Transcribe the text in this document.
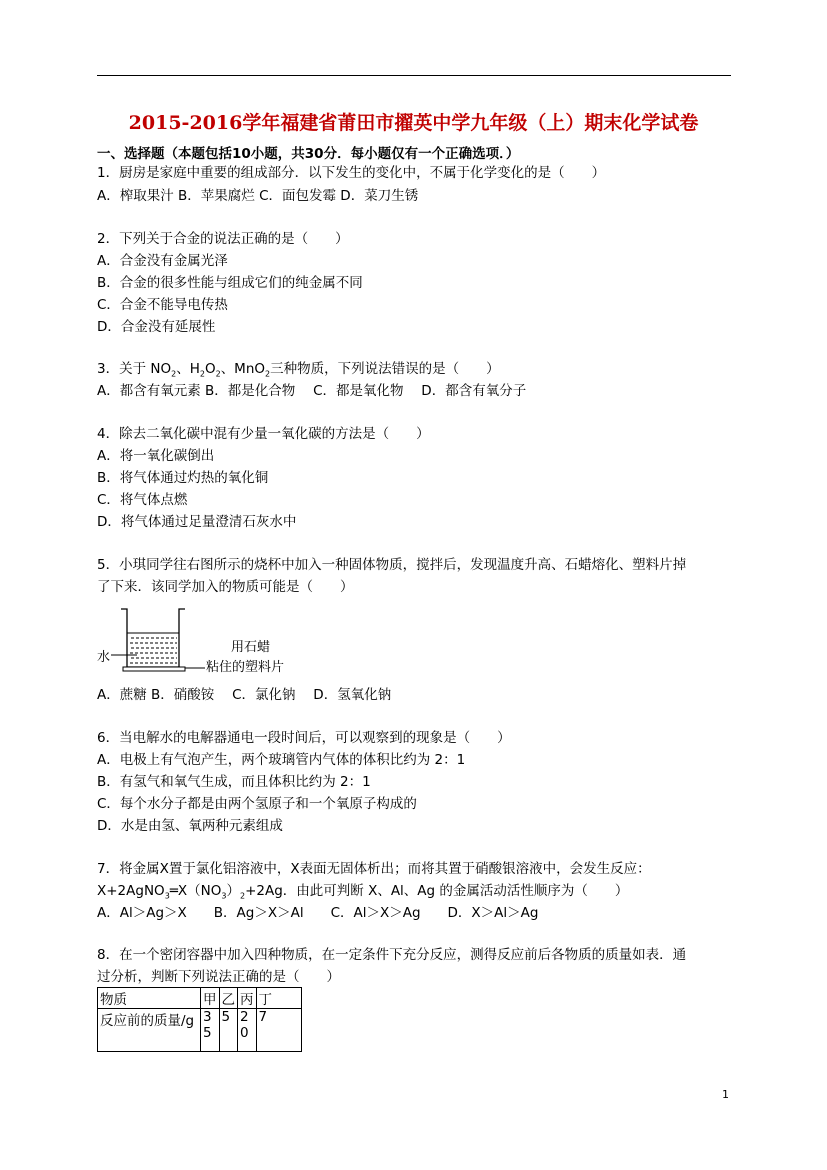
2015-2016学年福建省莆田市擢英中学九年级（上）期末化学试卷
一、选择题（本题包括10小题，共30分．每小题仅有一个正确选项．）
1．厨房是家庭中重要的组成部分．以下发生的变化中，不属于化学变化的是（　　）
A．榨取果汁 B．苹果腐烂 C．面包发霉 D．菜刀生锈
2．下列关于合金的说法正确的是（　　）
A．合金没有金属光泽
B．合金的很多性能与组成它们的纯金属不同
C．合金不能导电传热
D．合金没有延展性
3．关于 $NO_2$、$H_2O_2$、MnO$_2$三种物质，下列说法错误的是（　　）
A．都含有氧元素 B．都是化合物　 C．都是氧化物　 D．都含有氧分子
4．除去二氧化碳中混有少量一氧化碳的方法是（　　）
A．将一氧化碳倒出
B．将气体通过灼热的氧化铜
C．将气体点燃
D．将气体通过足量澄清石灰水中
5．小琪同学往右图所示的烧杯中加入一种固体物质，搅拌后，发现温度升高、石蜡熔化、塑料片掉
了下来．该同学加入的物质可能是（　　）
水
用石蜡
粘住的塑料片
A．蔗糖 B．硝酸铵　 C．氯化钠　 D．氢氧化钠
6．当电解水的电解器通电一段时间后，可以观察到的现象是（　　）
A．电极上有气泡产生，两个玻璃管内气体的体积比约为 2：1
B．有氢气和氧气生成，而且体积比约为 2：1
C．每个水分子都是由两个氢原子和一个氧原子构成的
D．水是由氢、氧两种元素组成
7．将金属X置于氯化铝溶液中，X表面无固体析出；而将其置于硝酸银溶液中，会发生反应：
$X+2AgNO_3═X(NO_3)_2+2Ag$．由此可判断 X、Al、Ag 的金属活动活性顺序为（　　）
A．Al＞Ag＞X　　B．Ag＞X＞Al　　C．Al＞X＞Ag　　D．X＞Al＞Ag
8．在一个密闭容器中加入四种物质，在一定条件下充分反应，测得反应前后各物质的质量如表．通
过分析，判断下列说法正确的是（　　）
物质	甲	乙	丙	丁
反应前的质量/g	35	5	20	7
1
